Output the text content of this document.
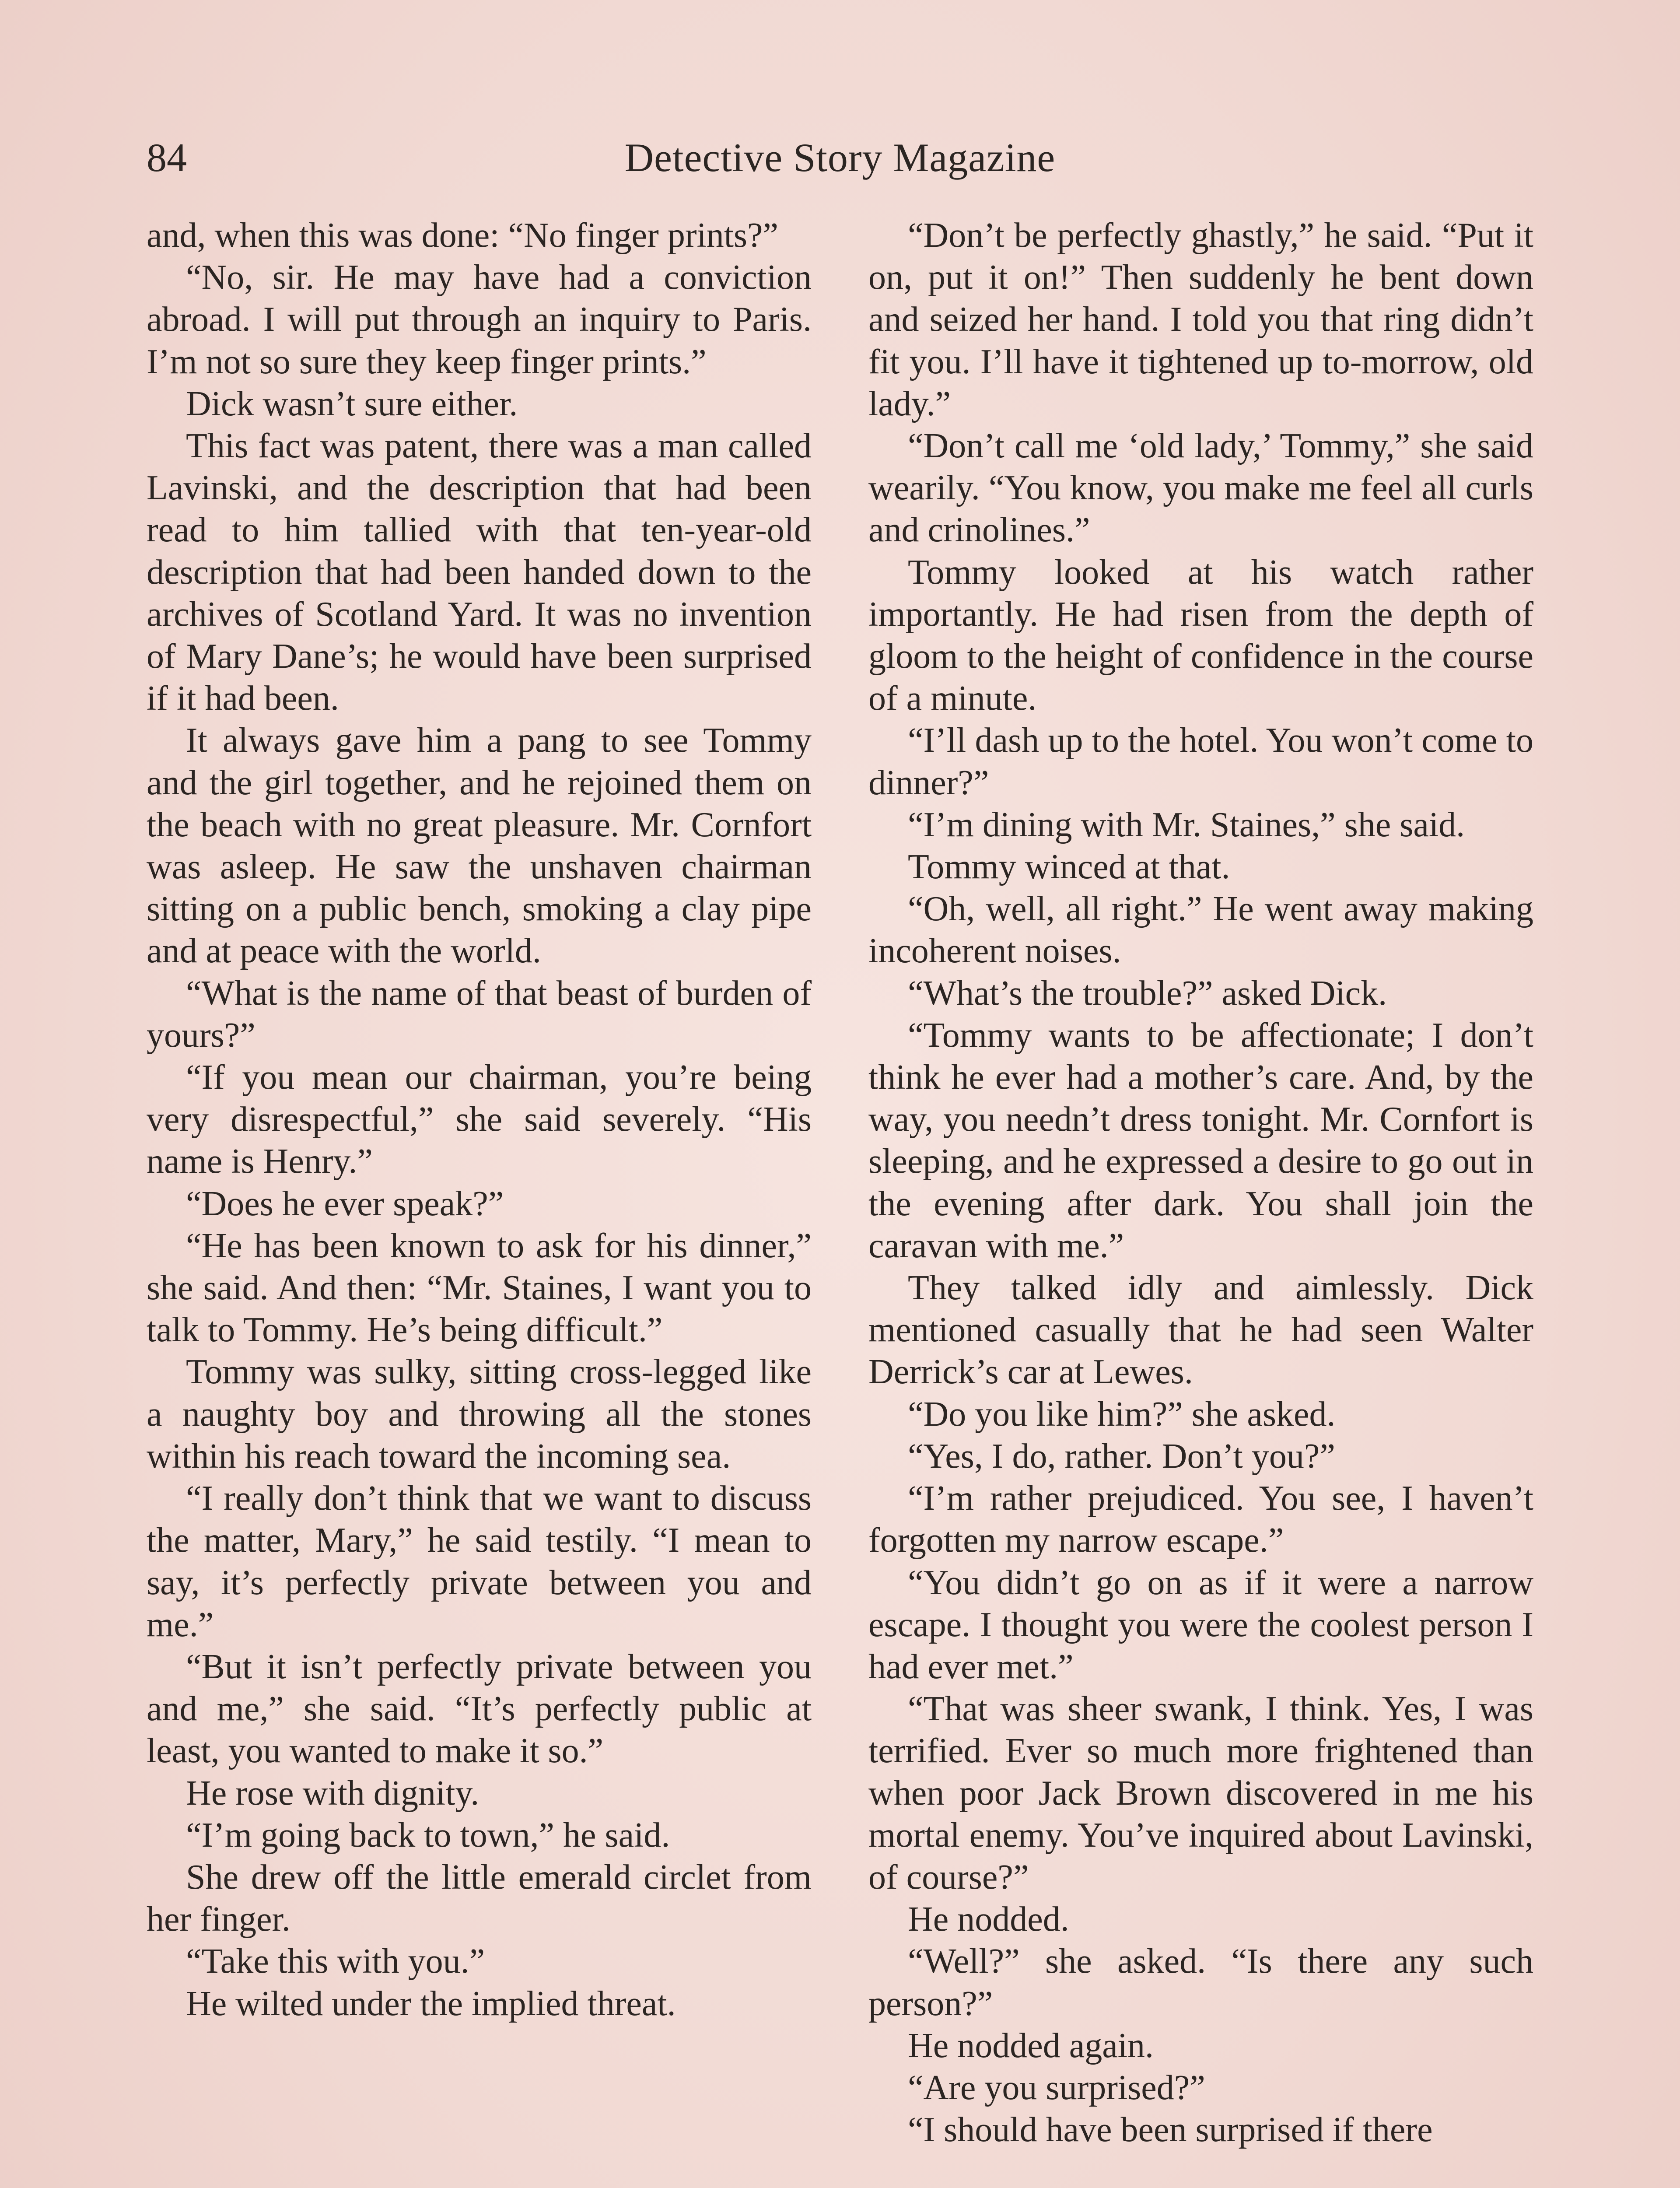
84	Detective Story Magazine

and, when this was done: “No finger prints?”

“No, sir. He may have had a conviction abroad. I will put through an inquiry to Paris. I’m not so sure they keep finger prints.”

Dick wasn’t sure either.

This fact was patent, there was a man called Lavinski, and the description that had been read to him tallied with that ten-year-old description that had been handed down to the archives of Scotland Yard. It was no invention of Mary Dane’s; he would have been surprised if it had been.

It always gave him a pang to see Tommy and the girl together, and he rejoined them on the beach with no great pleasure. Mr. Cornfort was asleep. He saw the unshaven chairman sitting on a public bench, smoking a clay pipe and at peace with the world.

“What is the name of that beast of burden of yours?”

“If you mean our chairman, you’re being very disrespectful,” she said severely. “His name is Henry.”

“Does he ever speak?”

“He has been known to ask for his dinner,” she said. And then: “Mr. Staines, I want you to talk to Tommy. He’s being difficult.”

Tommy was sulky, sitting cross-legged like a naughty boy and throwing all the stones within his reach toward the incoming sea.

“I really don’t think that we want to discuss the matter, Mary,” he said testily. “I mean to say, it’s perfectly private between you and me.”

“But it isn’t perfectly private between you and me,” she said. “It’s perfectly public at least, you wanted to make it so.”

He rose with dignity.

“I’m going back to town,” he said.

She drew off the little emerald circlet from her finger.

“Take this with you.”

He wilted under the implied threat.

“Don’t be perfectly ghastly,” he said. “Put it on, put it on!” Then suddenly he bent down and seized her hand. I told you that ring didn’t fit you. I’ll have it tightened up to-morrow, old lady.”

“Don’t call me ‘old lady,’ Tommy,” she said wearily. “You know, you make me feel all curls and crinolines.”

Tommy looked at his watch rather importantly. He had risen from the depth of gloom to the height of confidence in the course of a minute.

“I’ll dash up to the hotel. You won’t come to dinner?”

“I’m dining with Mr. Staines,” she said.

Tommy winced at that.

“Oh, well, all right.” He went away making incoherent noises.

“What’s the trouble?” asked Dick.

“Tommy wants to be affectionate; I don’t think he ever had a mother’s care. And, by the way, you needn’t dress tonight. Mr. Cornfort is sleeping, and he expressed a desire to go out in the evening after dark. You shall join the caravan with me.”

They talked idly and aimlessly. Dick mentioned casually that he had seen Walter Derrick’s car at Lewes.

“Do you like him?” she asked.

“Yes, I do, rather. Don’t you?”

“I’m rather prejudiced. You see, I haven’t forgotten my narrow escape.”

“You didn’t go on as if it were a narrow escape. I thought you were the coolest person I had ever met.”

“That was sheer swank, I think. Yes, I was terrified. Ever so much more frightened than when poor Jack Brown discovered in me his mortal enemy. You’ve inquired about Lavinski, of course?”

He nodded.

“Well?” she asked. “Is there any such person?”

He nodded again.

“Are you surprised?”

“I should have been surprised if there
